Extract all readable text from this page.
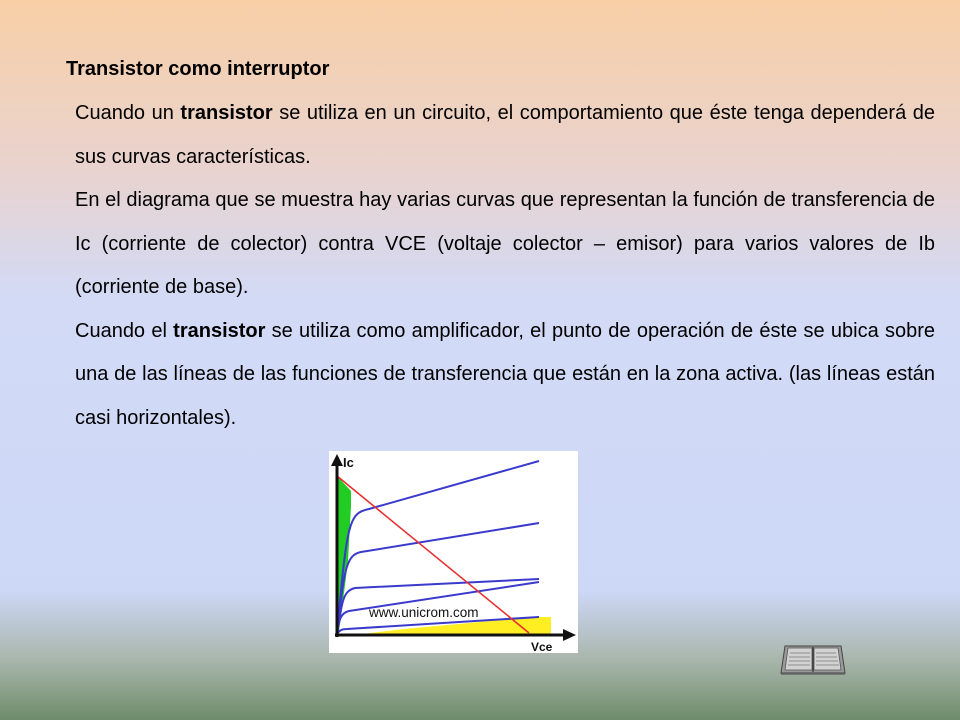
Transistor como interruptor

Cuando un transistor se utiliza en un circuito, el comportamiento que éste tenga dependerá de sus curvas características.

En el diagrama que se muestra hay varias curvas que representan la función de transferencia de Ic (corriente de colector) contra VCE (voltaje colector – emisor) para varios valores de Ib (corriente de base).

Cuando el transistor se utiliza como amplificador, el punto de operación de éste se ubica sobre una de las líneas de las funciones de transferencia que están en la zona activa. (las líneas están casi horizontales).

Ic
Vce
www.unicrom.com
